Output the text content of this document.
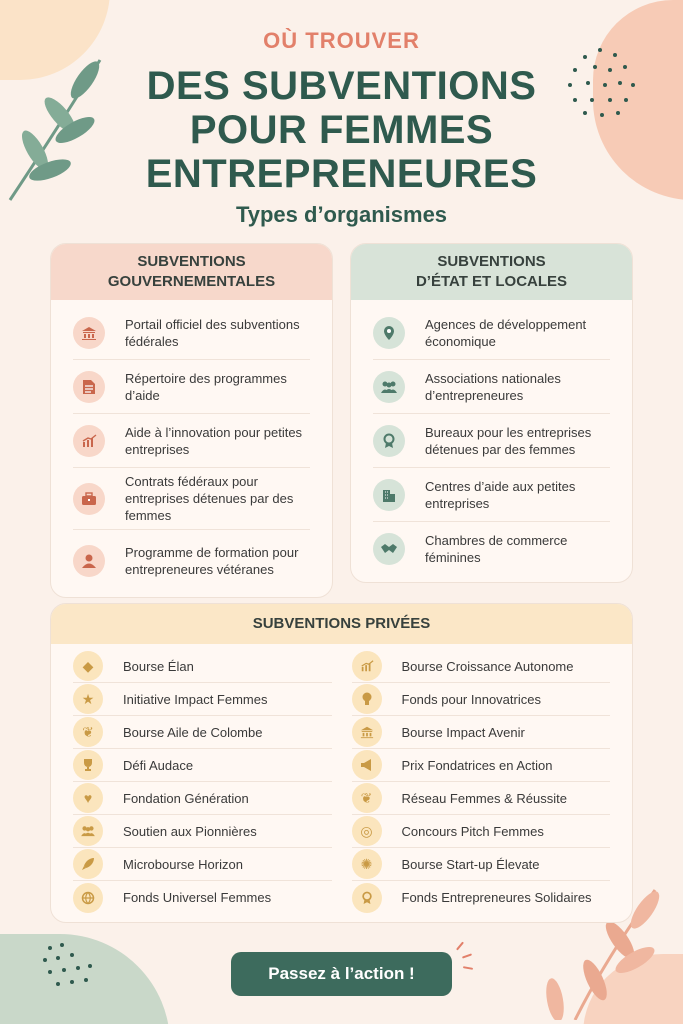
OÙ TROUVER
DES SUBVENTIONS
POUR FEMMES
ENTREPRENEURES
Types d’organismes
SUBVENTIONS
GOUVERNEMENTALES
Portail officiel des subventions fédérales
Répertoire des programmes d’aide
Aide à l’innovation pour petites entreprises
Contrats fédéraux pour entreprises détenues par des femmes
Programme de formation pour entrepreneures vétéranes
SUBVENTIONS
D’ÉTAT ET LOCALES
Agences de développement économique
Associations nationales d’entrepreneures
Bureaux pour les entreprises détenues par des femmes
Centres d’aide aux petites entreprises
Chambres de commerce féminines
SUBVENTIONS PRIVÉES
◆	Bourse Élan
★	Initiative Impact Femmes
❦	Bourse Aile de Colombe
Défi Audace
♥	Fondation Génération
Soutien aux Pionnières
Microbourse Horizon
Fonds Universel Femmes
Bourse Croissance Autonome
Fonds pour Innovatrices
Bourse Impact Avenir
Prix Fondatrices en Action
❦	Réseau Femmes & Réussite
◎	Concours Pitch Femmes
✺	Bourse Start-up Élevate
Fonds Entrepreneures Solidaires
Passez à l’action !
